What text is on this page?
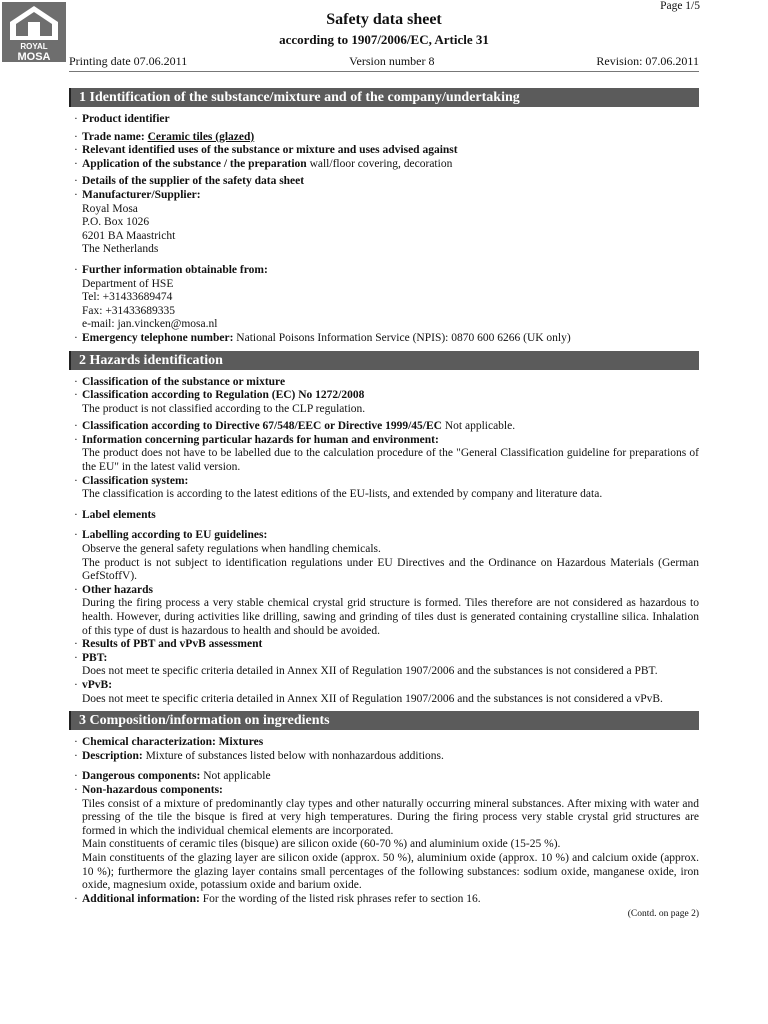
ROYAL
MOSA
Page 1/5
Safety data sheet
according to 1907/2006/EC, Article 31
Printing date 07.06.2011	Version number 8	Revision: 07.06.2011
1 Identification of the substance/mixture and of the company/undertaking
· Product identifier
· Trade name: Ceramic tiles (glazed)
· Relevant identified uses of the substance or mixture and uses advised against
· Application of the substance / the preparation wall/floor covering, decoration
· Details of the supplier of the safety data sheet
· Manufacturer/Supplier:
Royal Mosa
P.O. Box 1026
6201 BA Maastricht
The Netherlands
· Further information obtainable from:
Department of HSE
Tel: +31433689474
Fax: +31433689335
e-mail: jan.vincken@mosa.nl
· Emergency telephone number: National Poisons Information Service (NPIS): 0870 600 6266 (UK only)
2 Hazards identification
· Classification of the substance or mixture
· Classification according to Regulation (EC) No 1272/2008
The product is not classified according to the CLP regulation.
· Classification according to Directive 67/548/EEC or Directive 1999/45/EC Not applicable.
· Information concerning particular hazards for human and environment:
The product does not have to be labelled due to the calculation procedure of the "General Classification guideline for preparations of the EU" in the latest valid version.
· Classification system:
The classification is according to the latest editions of the EU-lists, and extended by company and literature data.
· Label elements
· Labelling according to EU guidelines:
Observe the general safety regulations when handling chemicals.
The product is not subject to identification regulations under EU Directives and the Ordinance on Hazardous Materials (German GefStoffV).
· Other hazards
During the firing process a very stable chemical crystal grid structure is formed. Tiles therefore are not considered as hazardous to health. However, during activities like drilling, sawing and grinding of tiles dust is generated containing crystalline silica. Inhalation of this type of dust is hazardous to health and should be avoided.
· Results of PBT and vPvB assessment
· PBT:
Does not meet te specific criteria detailed in Annex XII of Regulation 1907/2006 and the substances is not considered a PBT.
· vPvB:
Does not meet te specific criteria detailed in Annex XII of Regulation 1907/2006 and the substances is not considered a vPvB.
3 Composition/information on ingredients
· Chemical characterization: Mixtures
· Description: Mixture of substances listed below with nonhazardous additions.
· Dangerous components: Not applicable
· Non-hazardous components:
Tiles consist of a mixture of predominantly clay types and other naturally occurring mineral substances. After mixing with water and pressing of the tile the bisque is fired at very high temperatures. During the firing process very stable crystal grid structures are formed in which the individual chemical elements are incorporated.
Main constituents of ceramic tiles (bisque) are silicon oxide (60-70 %) and aluminium oxide (15-25 %).
Main constituents of the glazing layer are silicon oxide (approx. 50 %), aluminium oxide (approx. 10 %) and calcium oxide (approx. 10 %); furthermore the glazing layer contains small percentages of the following substances: sodium oxide, manganese oxide, iron oxide, magnesium oxide, potassium oxide and barium oxide.
· Additional information: For the wording of the listed risk phrases refer to section 16.
(Contd. on page 2)
